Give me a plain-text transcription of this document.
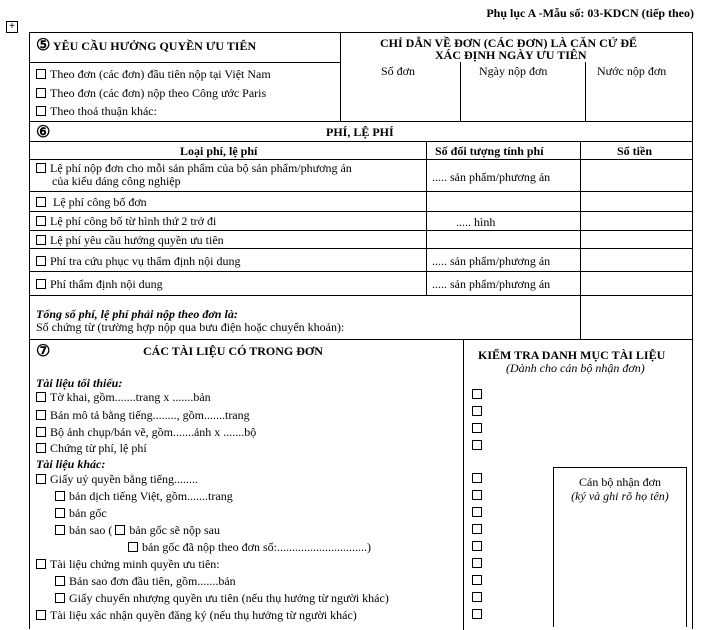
Phụ lục A -Mẫu số: 03-KDCN (tiếp theo)
+
⑤ YÊU CẦU HƯỞNG QUYỀN ƯU TIÊN	CHỈ DẪN VỀ ĐƠN (CÁC ĐƠN) LÀ CĂN CỨ ĐỂ
XÁC ĐỊNH NGÀY ƯU TIÊN
Theo đơn (các đơn) đầu tiên nộp tại Việt Nam
Theo đơn (các đơn) nộp theo Công ước Paris
Theo thoả thuận khác:
Số đơn	Ngày nộp đơn	Nước nộp đơn
⑥	PHÍ, LỆ PHÍ
Loại phí, lệ phí	Số đối tượng tính phí	Số tiền
Lệ phí nộp đơn cho mỗi sản phẩm của bộ sản phẩm/phương án
của kiểu dáng công nghiệp	..... sản phẩm/phương án
Lệ phí công bố đơn
Lệ phí công bố từ hình thứ 2 trở đi	..... hình
Lệ phí yêu cầu hưởng quyền ưu tiên
Phí tra cứu phục vụ thẩm định nội dung	..... sản phẩm/phương án
Phí thẩm định nội dung	..... sản phẩm/phương án
Tổng số phí, lệ phí phải nộp theo đơn là:
Số chứng từ (trường hợp nộp qua bưu điện hoặc chuyển khoản):
⑦	CÁC TÀI LIỆU CÓ TRONG ĐƠN	KIỂM TRA DANH MỤC TÀI LIỆU
(Dành cho cán bộ nhận đơn)
Tài liệu tối thiểu:
Tờ khai, gồm.......trang x .......bản
Bản mô tả bằng tiếng........, gồm.......trang
Bộ ảnh chụp/bản vẽ, gồm.......ảnh x .......bộ
Chứng từ phí, lệ phí
Tài liệu khác:
Giấy uỷ quyền bằng tiếng........
bản dịch tiếng Việt, gồm.......trang
bản gốc
bản sao ( bản gốc sẽ nộp sau
bản gốc đã nộp theo đơn số:..............................)
Tài liệu chứng minh quyền ưu tiên:
Bản sao đơn đầu tiên, gồm.......bản
Giấy chuyển nhượng quyền ưu tiên (nếu thụ hưởng từ người khác)
Tài liệu xác nhận quyền đăng ký (nếu thụ hưởng từ người khác)
Cán bộ nhận đơn
(ký và ghi rõ họ tên)
